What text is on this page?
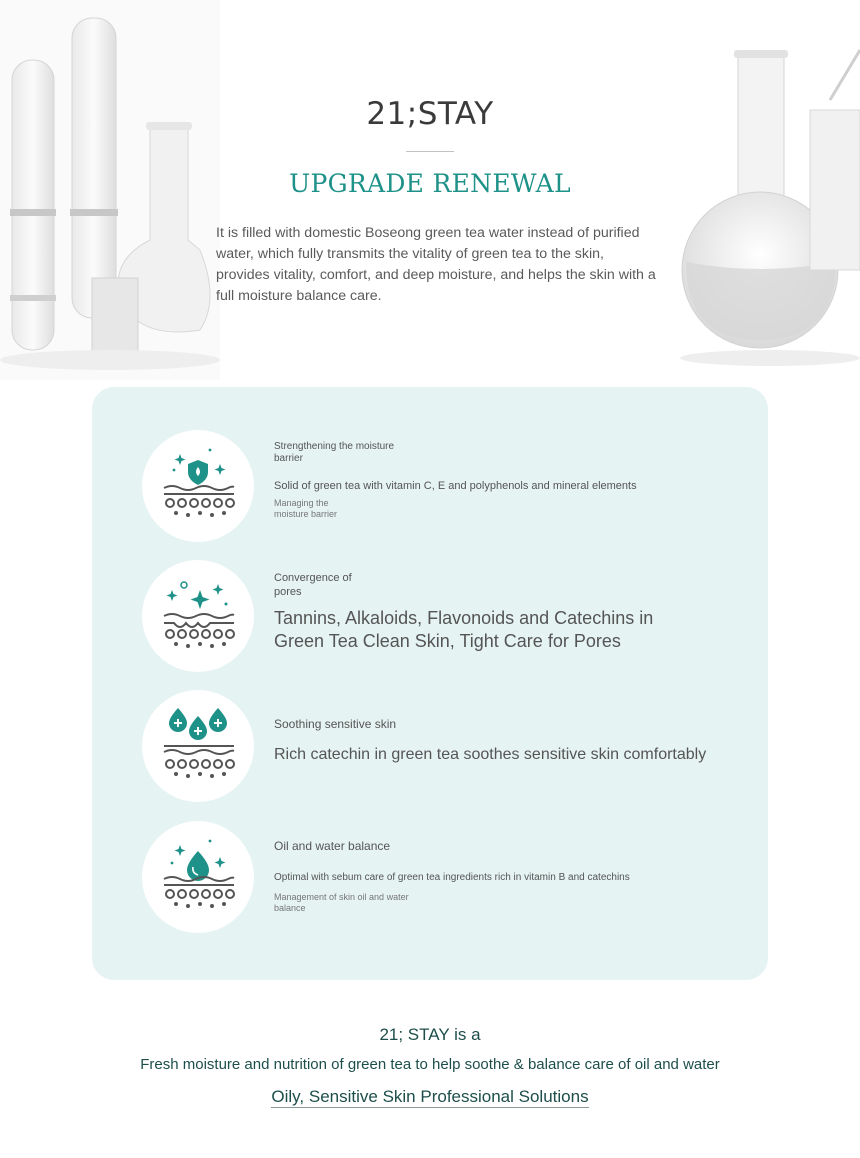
21;STAY
UPGRADE RENEWAL
It is filled with domestic Boseong green tea water instead of purified water, which fully transmits the vitality of green tea to the skin, provides vitality, comfort, and deep moisture, and helps the skin with a full moisture balance care.
Strengthening the moisture barrier
Solid of green tea with vitamin C, E and polyphenols and mineral elements
Managing the moisture barrier
Convergence of pores
Tannins, Alkaloids, Flavonoids and Catechins in Green Tea Clean Skin, Tight Care for Pores
Soothing sensitive skin
Rich catechin in green tea soothes sensitive skin comfortably
Oil and water balance
Optimal with sebum care of green tea ingredients rich in vitamin B and catechins
Management of skin oil and water balance
21; STAY is a
Fresh moisture and nutrition of green tea to help soothe & balance care of oil and water
Oily, Sensitive Skin Professional Solutions
